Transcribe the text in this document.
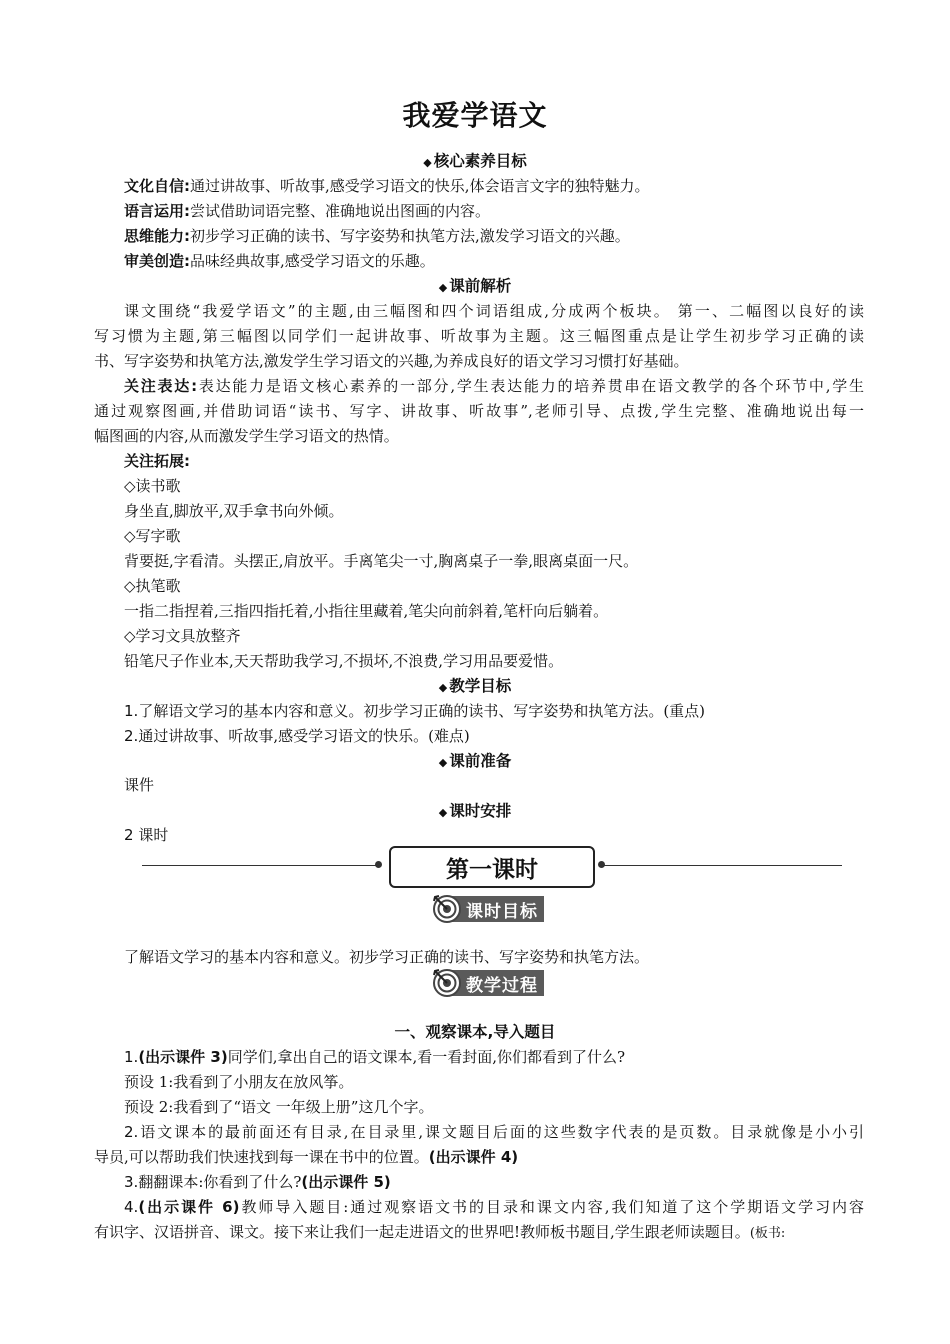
我爱学语文
◆ 核心素养目标
文化自信:通过讲故事、听故事,感受学习语文的快乐,体会语言文字的独特魅力。
语言运用:尝试借助词语完整、准确地说出图画的内容。
思维能力:初步学习正确的读书、写字姿势和执笔方法,激发学习语文的兴趣。
审美创造:品味经典故事,感受学习语文的乐趣。
◆ 课前解析
课文围绕“我爱学语文”的主题,由三幅图和四个词语组成,分成两个板块。 第一、二幅图以良好的读
写习惯为主题,第三幅图以同学们一起讲故事、听故事为主题。这三幅图重点是让学生初步学习正确的读
书、写字姿势和执笔方法,激发学生学习语文的兴趣,为养成良好的语文学习习惯打好基础。
关注表达:表达能力是语文核心素养的一部分,学生表达能力的培养贯串在语文教学的各个环节中,学生
通过观察图画,并借助词语“读书、写字、讲故事、听故事”,老师引导、点拨,学生完整、准确地说出每一
幅图画的内容,从而激发学生学习语文的热情。
关注拓展:
◇读书歌
身坐直,脚放平,双手拿书向外倾。
◇写字歌
背要挺,字看清。头摆正,肩放平。手离笔尖一寸,胸离桌子一拳,眼离桌面一尺。
◇执笔歌
一指二指捏着,三指四指托着,小指往里藏着,笔尖向前斜着,笔杆向后躺着。
◇学习文具放整齐
铅笔尺子作业本,天天帮助我学习,不损坏,不浪费,学习用品要爱惜。
◆ 教学目标
1.了解语文学习的基本内容和意义。初步学习正确的读书、写字姿势和执笔方法。(重点)
2.通过讲故事、听故事,感受学习语文的快乐。(难点)
◆ 课前准备
课件
◆ 课时安排
2 课时
第一课时
课时目标
了解语文学习的基本内容和意义。初步学习正确的读书、写字姿势和执笔方法。
教学过程
一、观察课本,导入题目
1.(出示课件 3)同学们,拿出自己的语文课本,看一看封面,你们都看到了什么?
预设 1:我看到了小朋友在放风筝。
预设 2:我看到了“语文 一年级上册”这几个字。
2.语文课本的最前面还有目录,在目录里,课文题目后面的这些数字代表的是页数。目录就像是小小引
导员,可以帮助我们快速找到每一课在书中的位置。(出示课件 4)
3.翻翻课本:你看到了什么?(出示课件 5)
4.(出示课件 6)教师导入题目:通过观察语文书的目录和课文内容,我们知道了这个学期语文学习内容
有识字、汉语拼音、课文。接下来让我们一起走进语文的世界吧!教师板书题目,学生跟老师读题目。(板书:
